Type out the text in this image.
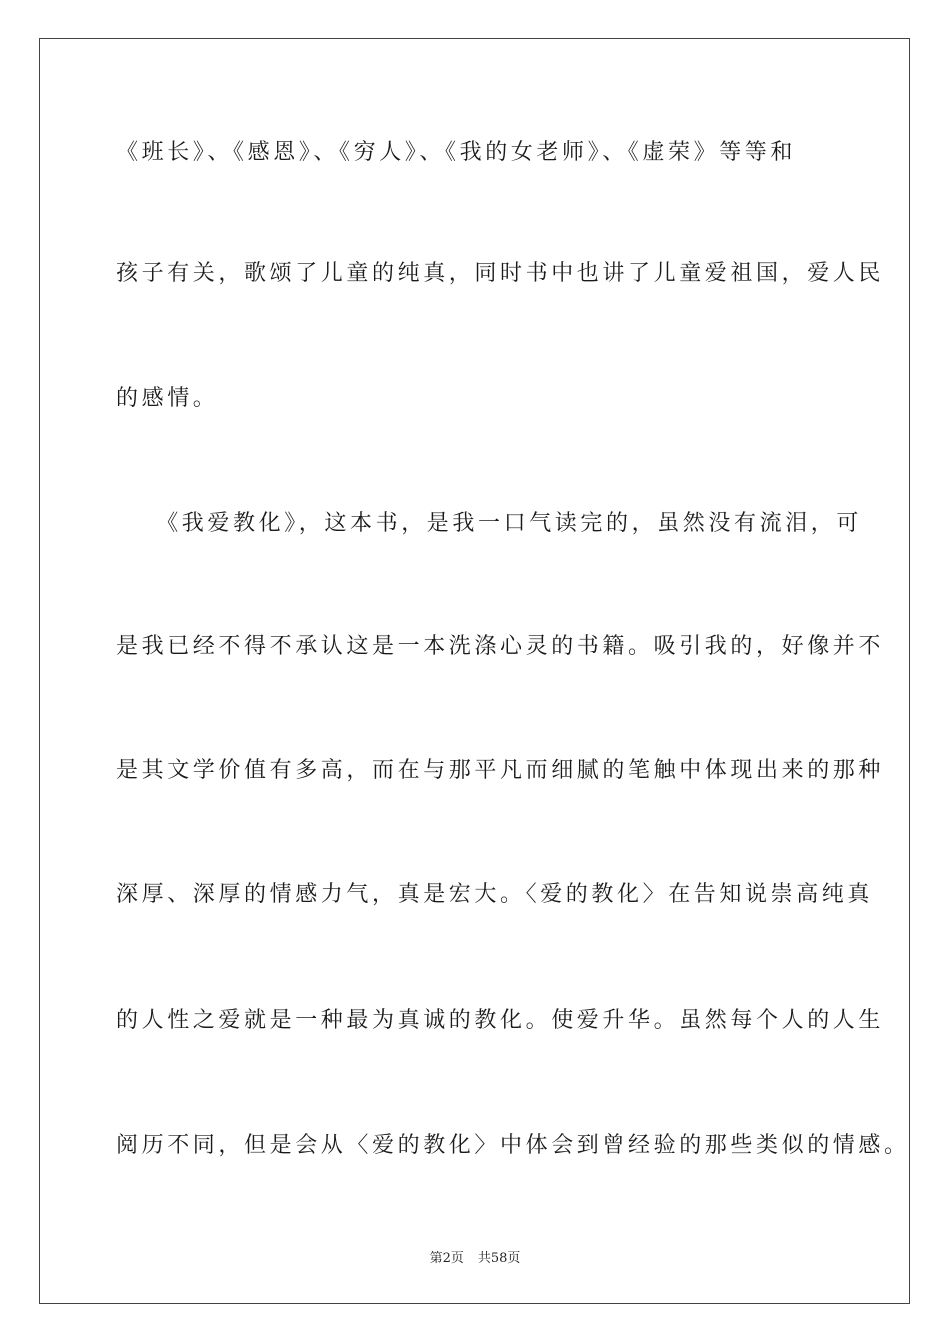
《班长》、《感恩》、《穷人》、《我的女老师》、《虚荣》等等和
孩子有关，歌颂了儿童的纯真，同时书中也讲了儿童爱祖国，爱人民
的感情。
　　《我爱教化》，这本书，是我一口气读完的，虽然没有流泪，可
是我已经不得不承认这是一本洗涤心灵的书籍。吸引我的，好像并不
是其文学价值有多高，而在与那平凡而细腻的笔触中体现出来的那种
深厚、深厚的情感力气，真是宏大。〈爱的教化〉在告知说崇高纯真
的人性之爱就是一种最为真诚的教化。使爱升华。虽然每个人的人生
阅历不同，但是会从〈爱的教化〉中体会到曾经验的那些类似的情感。
第2页 共58页
